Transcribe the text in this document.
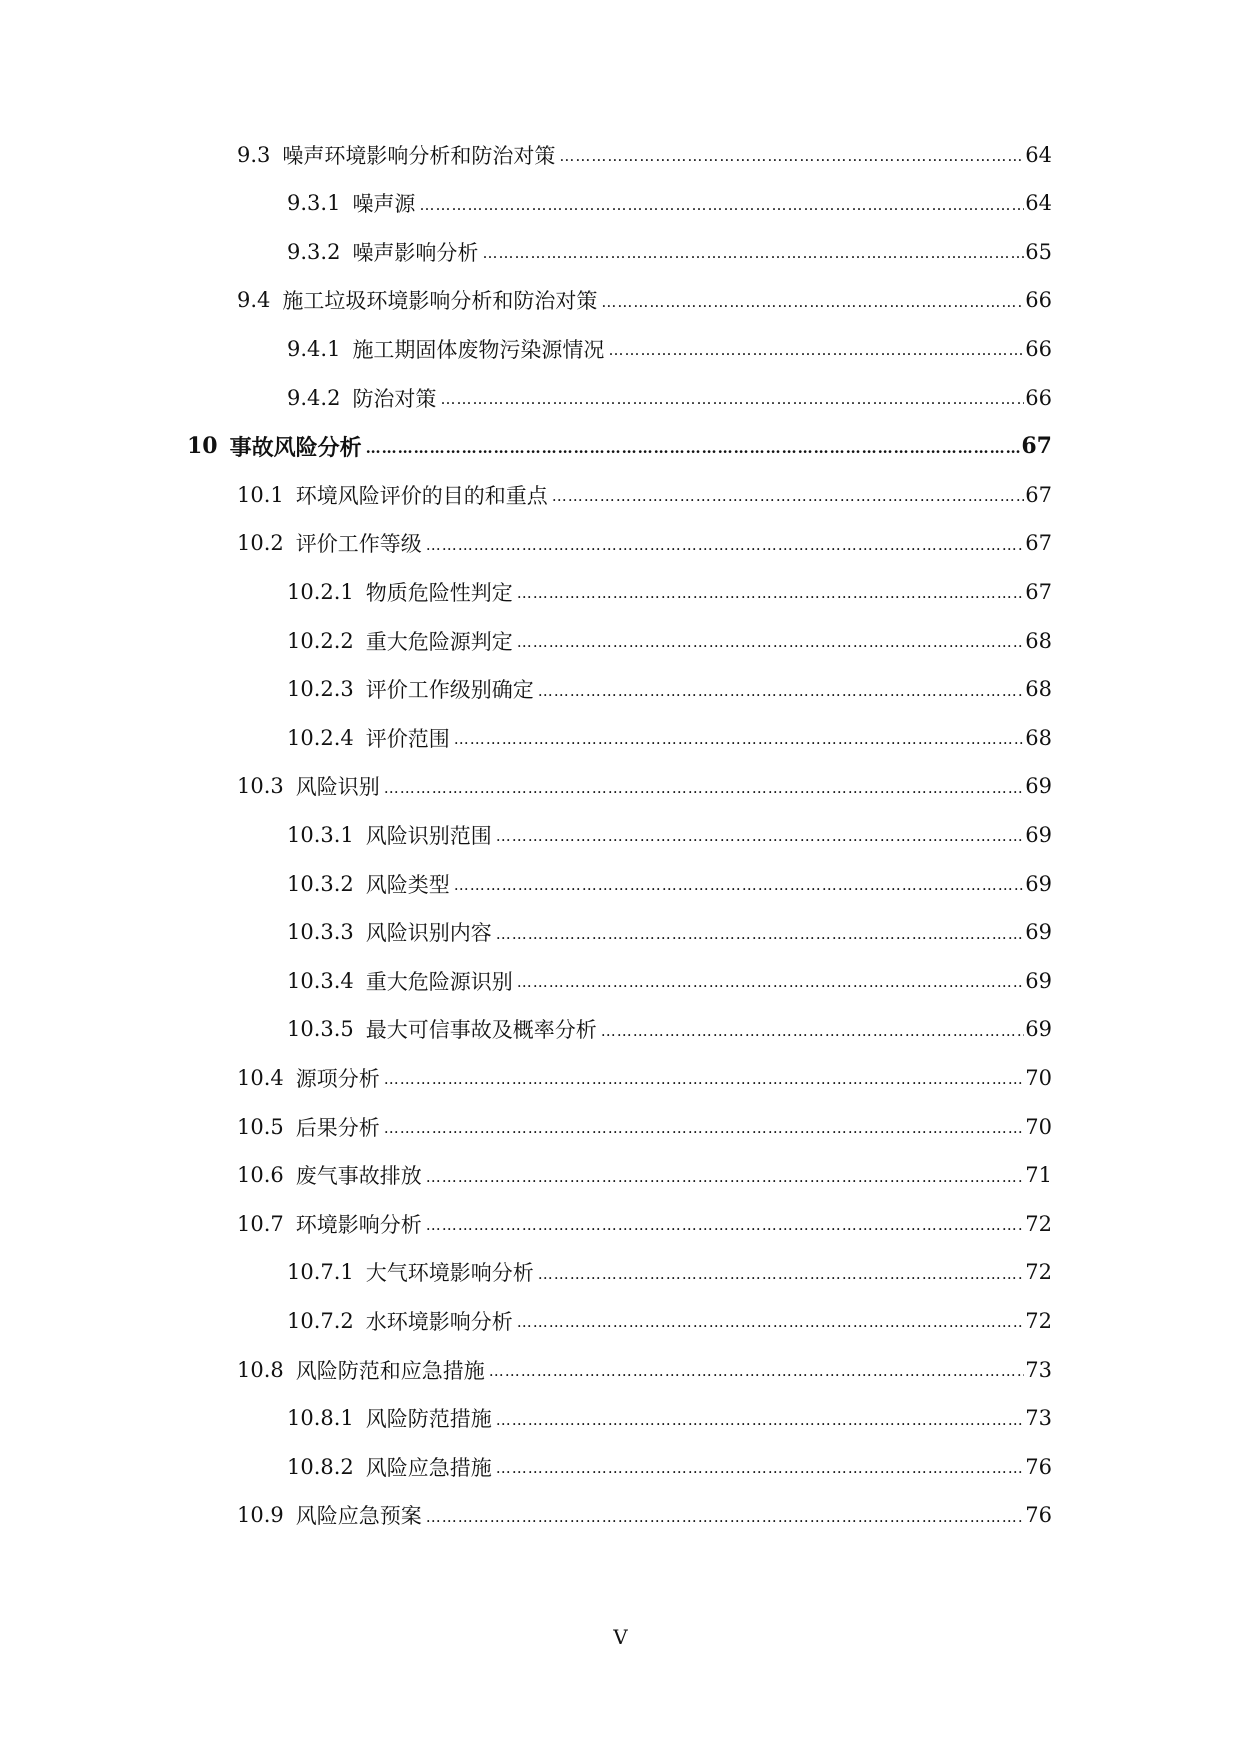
9.3 噪声环境影响分析和防治对策 ……………………………………………………………………………………………………………………………………………………………………………………………………………………………………………………………………………………	64
9.3.1 噪声源 ……………………………………………………………………………………………………………………………………………………………………………………………………………………………………………………………………………………	64
9.3.2 噪声影响分析 ……………………………………………………………………………………………………………………………………………………………………………………………………………………………………………………………………………………	65
9.4 施工垃圾环境影响分析和防治对策 ……………………………………………………………………………………………………………………………………………………………………………………………………………………………………………………………………………………	66
9.4.1 施工期固体废物污染源情况 ……………………………………………………………………………………………………………………………………………………………………………………………………………………………………………………………………………………	66
9.4.2 防治对策 ……………………………………………………………………………………………………………………………………………………………………………………………………………………………………………………………………………………	66
10 事故风险分析 ……………………………………………………………………………………………………………………………………………………………………………………………………………………………………………………………………………………	67
10.1 环境风险评价的目的和重点 ……………………………………………………………………………………………………………………………………………………………………………………………………………………………………………………………………………………	67
10.2 评价工作等级 ……………………………………………………………………………………………………………………………………………………………………………………………………………………………………………………………………………………	67
10.2.1 物质危险性判定 ……………………………………………………………………………………………………………………………………………………………………………………………………………………………………………………………………………………	67
10.2.2 重大危险源判定 ……………………………………………………………………………………………………………………………………………………………………………………………………………………………………………………………………………………	68
10.2.3 评价工作级别确定 ……………………………………………………………………………………………………………………………………………………………………………………………………………………………………………………………………………………	68
10.2.4 评价范围 ……………………………………………………………………………………………………………………………………………………………………………………………………………………………………………………………………………………	68
10.3 风险识别 ……………………………………………………………………………………………………………………………………………………………………………………………………………………………………………………………………………………	69
10.3.1 风险识别范围 ……………………………………………………………………………………………………………………………………………………………………………………………………………………………………………………………………………………	69
10.3.2 风险类型 ……………………………………………………………………………………………………………………………………………………………………………………………………………………………………………………………………………………	69
10.3.3 风险识别内容 ……………………………………………………………………………………………………………………………………………………………………………………………………………………………………………………………………………………	69
10.3.4 重大危险源识别 ……………………………………………………………………………………………………………………………………………………………………………………………………………………………………………………………………………………	69
10.3.5 最大可信事故及概率分析 ……………………………………………………………………………………………………………………………………………………………………………………………………………………………………………………………………………………	69
10.4 源项分析 ……………………………………………………………………………………………………………………………………………………………………………………………………………………………………………………………………………………	70
10.5 后果分析 ……………………………………………………………………………………………………………………………………………………………………………………………………………………………………………………………………………………	70
10.6 废气事故排放 ……………………………………………………………………………………………………………………………………………………………………………………………………………………………………………………………………………………	71
10.7 环境影响分析 ……………………………………………………………………………………………………………………………………………………………………………………………………………………………………………………………………………………	72
10.7.1 大气环境影响分析 ……………………………………………………………………………………………………………………………………………………………………………………………………………………………………………………………………………………	72
10.7.2 水环境影响分析 ……………………………………………………………………………………………………………………………………………………………………………………………………………………………………………………………………………………	72
10.8 风险防范和应急措施 ……………………………………………………………………………………………………………………………………………………………………………………………………………………………………………………………………………………	73
10.8.1 风险防范措施 ……………………………………………………………………………………………………………………………………………………………………………………………………………………………………………………………………………………	73
10.8.2 风险应急措施 ……………………………………………………………………………………………………………………………………………………………………………………………………………………………………………………………………………………	76
10.9 风险应急预案 ……………………………………………………………………………………………………………………………………………………………………………………………………………………………………………………………………………………	76
V
